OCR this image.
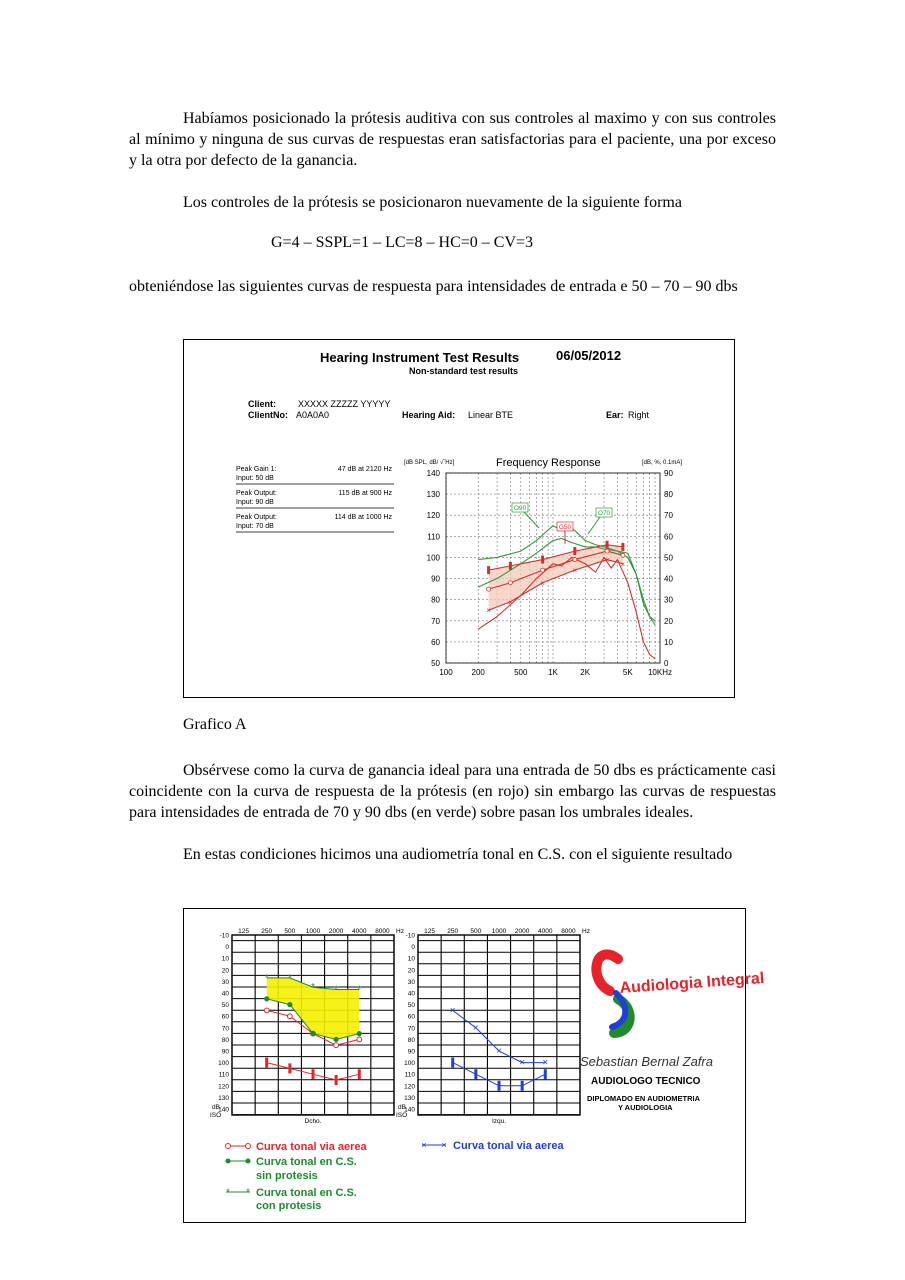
Habíamos posicionado la prótesis auditiva con sus controles al maximo y con sus controles al mínimo y ninguna de sus curvas de respuestas eran satisfactorias para el paciente, una por exceso y la otra por defecto de la ganancia.

Los controles de la prótesis se posicionaron nuevamente de la siguiente forma

G=4 – SSPL=1 – LC=8 – HC=0 – CV=3

obteniéndose las siguientes curvas de respuesta para intensidades de entrada e 50 – 70 – 90 dbs

Hearing Instrument Test Results	06/05/2012
Non-standard test results
Client: XXXXX ZZZZZ YYYYY
ClientNo: A0A0A0	Hearing Aid: Linear BTE	Ear: Right
Peak Gain 1:
Input: 50 dB
47 dB at 2120 Hz
Peak Output:
Input: 90 dB
115 dB at 900 Hz
Peak Output:
Input: 70 dB
114 dB at 1000 Hz
[dB SPL, dB/ √‾Hz]	Frequency Response	[dB, %, 0.1mA]
50
60
70
80
90
100
110
120
130
140
0
10
20
30
40
50
60
70
80
90
100 200	500	1K	2K	5K 10KHz
×
×
×
×
× ×
O90
O70
G50
Grafico A

Obsérvese como la curva de ganancia ideal para una entrada de 50 dbs es prácticamente casi coincidente con la curva de respuesta de la prótesis (en rojo) sin embargo las curvas de respuestas para intensidades de entrada de 70 y 90 dbs (en verde) sobre pasan los umbrales ideales.

En estas condiciones hicimos una audiometría tonal en C.S. con el siguiente resultado

125 250 500 1000 2000 4000 8000 Hz
-10
0
10
20
30
40
50
60
70
80
90
100
110
120
130
140
* *
* * *
dB
ISO
Dcho.
125 250 500 1000 2000 4000 8000 Hz
-10
0
10
20
30
40
50
60
70
80
90
100
110
120
130
140
×
×
×
× ×
dB
ISO
Izqu.
Curva tonal via aerea
Curva tonal en C.S.
sin protesis
* * Curva tonal en C.S.
con protesis
× × Curva tonal via aerea
Audiologia Integral
Sebastian Bernal Zafra
AUDIOLOGO TECNICO
DIPLOMADO EN AUDIOMETRIA
Y AUDIOLOGIA
